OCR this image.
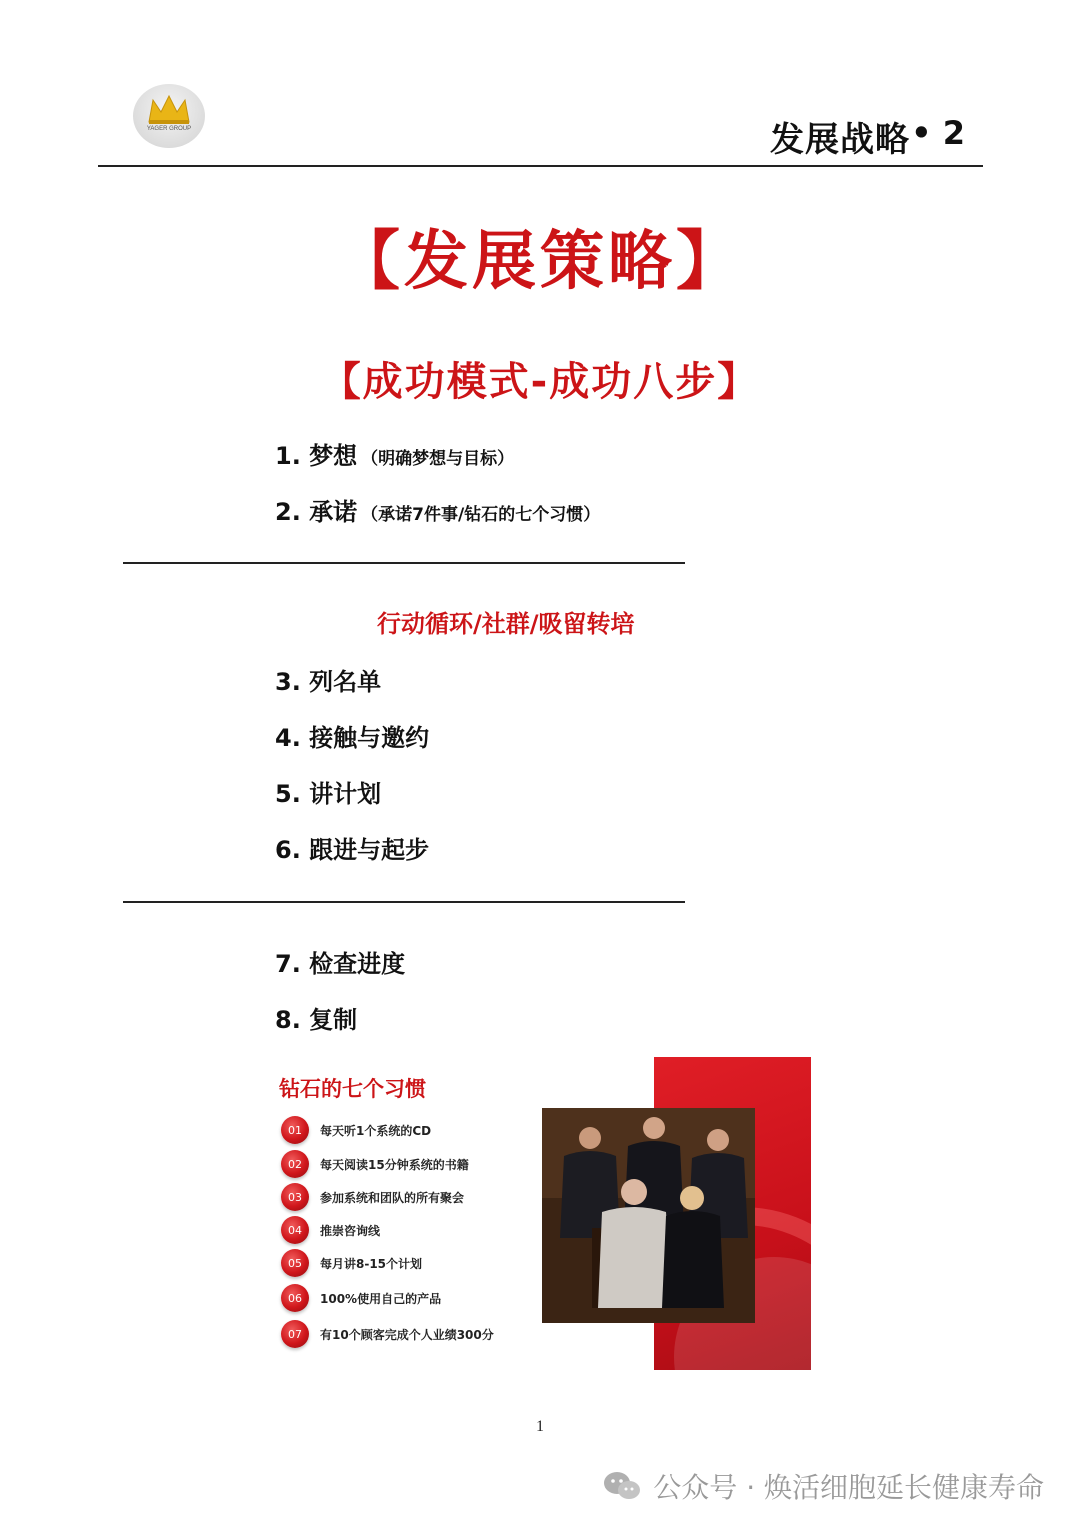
YAGER GROUP	发展战略 • 2
【发展策略】
【成功模式-成功八步】
1. 梦想 （明确梦想与目标）
2. 承诺 （承诺7件事/钻石的七个习惯）
行动循环/社群/吸留转培
3. 列名单
4. 接触与邀约
5. 讲计划
6. 跟进与起步
7. 检查进度
8. 复制
钻石的七个习惯
01	每天听1个系统的CD
02	每天阅读15分钟系统的书籍
03	参加系统和团队的所有聚会
04	推崇咨询线
05	每月讲8-15个计划
06	100%使用自己的产品
07	有10个顾客完成个人业绩300分
1
公众号 · 焕活细胞延长健康寿命
